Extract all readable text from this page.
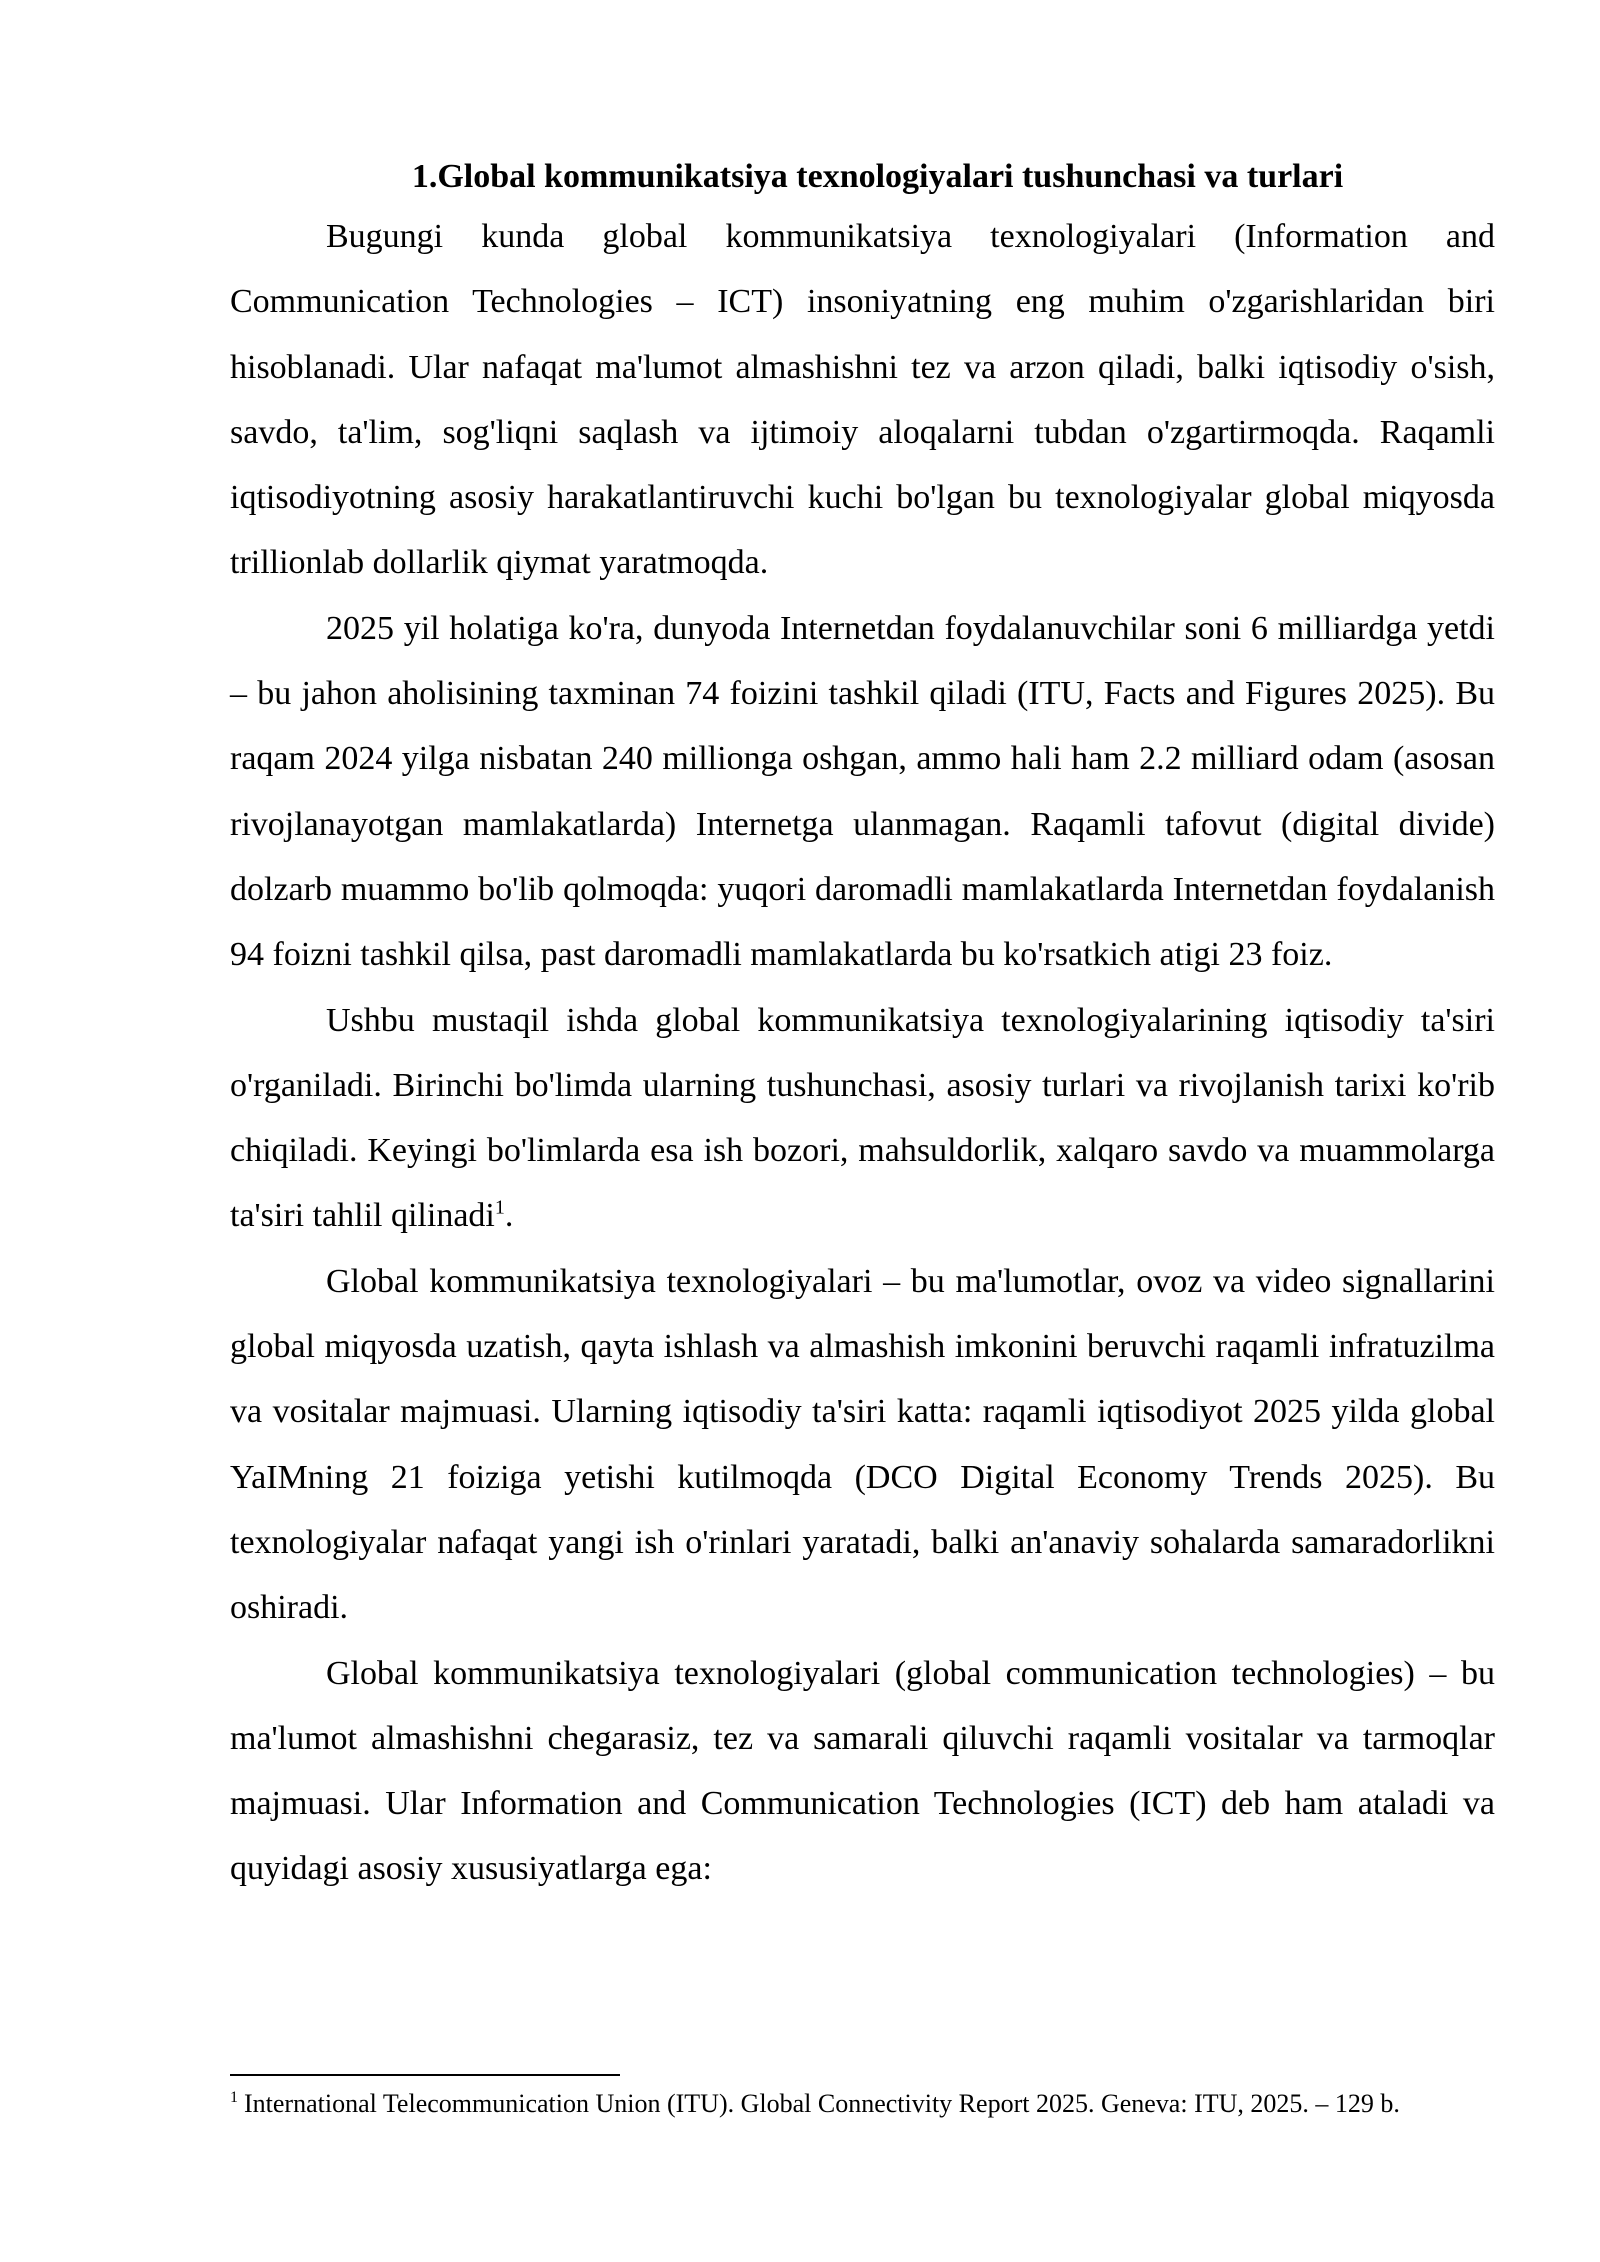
1.Global kommunikatsiya texnologiyalari tushunchasi va turlari

Bugungi kunda global kommunikatsiya texnologiyalari (Information and Communication Technologies – ICT) insoniyatning eng muhim o'zgarishlaridan biri hisoblanadi. Ular nafaqat ma'lumot almashishni tez va arzon qiladi, balki iqtisodiy o'sish, savdo, ta'lim, sog'liqni saqlash va ijtimoiy aloqalarni tubdan o'zgartirmoqda. Raqamli iqtisodiyotning asosiy harakatlantiruvchi kuchi bo'lgan bu texnologiyalar global miqyosda trillionlab dollarlik qiymat yaratmoqda.

2025 yil holatiga ko'ra, dunyoda Internetdan foydalanuvchilar soni 6 milliardga yetdi – bu jahon aholisining taxminan 74 foizini tashkil qiladi (ITU, Facts and Figures 2025). Bu raqam 2024 yilga nisbatan 240 millionga oshgan, ammo hali ham 2.2 milliard odam (asosan rivojlanayotgan mamlakatlarda) Internetga ulanmagan. Raqamli tafovut (digital divide) dolzarb muammo bo'lib qolmoqda: yuqori daromadli mamlakatlarda Internetdan foydalanish 94 foizni tashkil qilsa, past daromadli mamlakatlarda bu ko'rsatkich atigi 23 foiz.

Ushbu mustaqil ishda global kommunikatsiya texnologiyalarining iqtisodiy ta'siri o'rganiladi. Birinchi bo'limda ularning tushunchasi, asosiy turlari va rivojlanish tarixi ko'rib chiqiladi. Keyingi bo'limlarda esa ish bozori, mahsuldorlik, xalqaro savdo va muammolarga ta'siri tahlil qilinadi$^1$.

Global kommunikatsiya texnologiyalari – bu ma'lumotlar, ovoz va video signallarini global miqyosda uzatish, qayta ishlash va almashish imkonini beruvchi raqamli infratuzilma va vositalar majmuasi. Ularning iqtisodiy ta'siri katta: raqamli iqtisodiyot 2025 yilda global YaIMning 21 foiziga yetishi kutilmoqda (DCO Digital Economy Trends 2025). Bu texnologiyalar nafaqat yangi ish o'rinlari yaratadi, balki an'anaviy sohalarda samaradorlikni oshiradi.

Global kommunikatsiya texnologiyalari (global communication technologies) – bu ma'lumot almashishni chegarasiz, tez va samarali qiluvchi raqamli vositalar va tarmoqlar majmuasi. Ular Information and Communication Technologies (ICT) deb ham ataladi va quyidagi asosiy xususiyatlarga ega:

$^1$ International Telecommunication Union (ITU). Global Connectivity Report 2025. Geneva: ITU, 2025. – 129 b.
